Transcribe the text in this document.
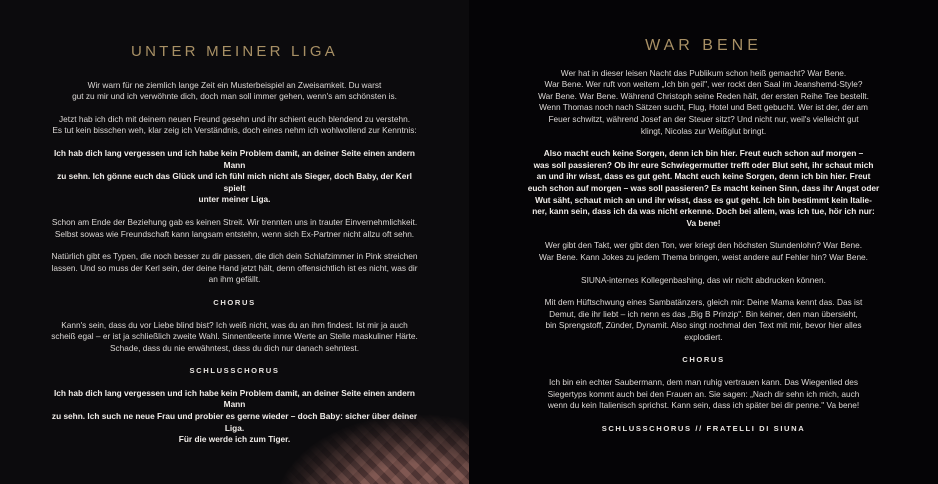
UNTER MEINER LIGA

Wir warn für ne ziemlich lange Zeit ein Musterbeispiel an Zweisamkeit. Du warst
gut zu mir und ich verwöhnte dich, doch man soll immer gehen, wenn's am schönsten is.

Jetzt hab ich dich mit deinem neuen Freund gesehn und ihr schient euch blendend zu verstehn.
Es tut kein bisschen weh, klar zeig ich Verständnis, doch eines nehm ich wohlwollend zur Kenntnis:

Ich hab dich lang vergessen und ich habe kein Problem damit, an deiner Seite einen andern Mann
zu sehn. Ich gönne euch das Glück und ich fühl mich nicht als Sieger, doch Baby, der Kerl spielt
unter meiner Liga.

Schon am Ende der Beziehung gab es keinen Streit. Wir trennten uns in trauter Einvernehmlichkeit.
Selbst sowas wie Freundschaft kann langsam entstehn, wenn sich Ex-Partner nicht allzu oft sehn.

Natürlich gibt es Typen, die noch besser zu dir passen, die dich dein Schlafzimmer in Pink streichen
lassen. Und so muss der Kerl sein, der deine Hand jetzt hält, denn offensichtlich ist es nicht, was dir
an ihm gefällt.

CHORUS

Kann's sein, dass du vor Liebe blind bist? Ich weiß nicht, was du an ihm findest. Ist mir ja auch
scheiß egal – er ist ja schließlich zweite Wahl. Sinnentleerte innre Werte an Stelle maskuliner Härte.
Schade, dass du nie erwähntest, dass du dich nur danach sehntest.

SCHLUSSCHORUS

Ich hab dich lang vergessen und ich habe kein Problem damit, an deiner Seite einen andern Mann
zu sehn. Ich such ne neue Frau und probier es gerne wieder – doch Baby: sicher über deiner Liga.
Für die werde ich zum Tiger.

WAR BENE

Wer hat in dieser leisen Nacht das Publikum schon heiß gemacht? War Bene.
War Bene. Wer ruft von weitem „Ich bin geil", wer rockt den Saal im Jeanshemd-Style?
War Bene. War Bene. Während Christoph seine Reden hält, der ersten Reihe Tee bestellt.
Wenn Thomas noch nach Sätzen sucht, Flug, Hotel und Bett gebucht. Wer ist der, der am
Feuer schwitzt, während Josef an der Steuer sitzt? Und nicht nur, weil's vielleicht gut
klingt, Nicolas zur Weißglut bringt.

Also macht euch keine Sorgen, denn ich bin hier. Freut euch schon auf morgen –
was soll passieren? Ob ihr eure Schwiegermutter trefft oder Blut seht, ihr schaut mich
an und ihr wisst, dass es gut geht. Macht euch keine Sorgen, denn ich bin hier. Freut
euch schon auf morgen – was soll passieren? Es macht keinen Sinn, dass ihr Angst oder
Wut säht, schaut mich an und ihr wisst, dass es gut geht. Ich bin bestimmt kein Italie-
ner, kann sein, dass ich da was nicht erkenne. Doch bei allem, was ich tue, hör ich nur:
Va bene!

Wer gibt den Takt, wer gibt den Ton, wer kriegt den höchsten Stundenlohn? War Bene.
War Bene. Kann Jokes zu jedem Thema bringen, weist andere auf Fehler hin? War Bene.

SIUNA-internes Kollegenbashing, das wir nicht abdrucken können.

Mit dem Hüftschwung eines Sambatänzers, gleich mir: Deine Mama kennt das. Das ist
Demut, die ihr liebt – ich nenn es das „Big B Prinzip". Bin keiner, den man übersieht,
bin Sprengstoff, Zünder, Dynamit. Also singt nochmal den Text mit mir, bevor hier alles
explodiert.

CHORUS

Ich bin ein echter Saubermann, dem man ruhig vertrauen kann. Das Wiegenlied des
Siegertyps kommt auch bei den Frauen an. Sie sagen: „Nach dir sehn ich mich, auch
wenn du kein Italienisch sprichst. Kann sein, dass ich später bei dir penne." Va bene!

SCHLUSSCHORUS // FRATELLI DI SIUNA
